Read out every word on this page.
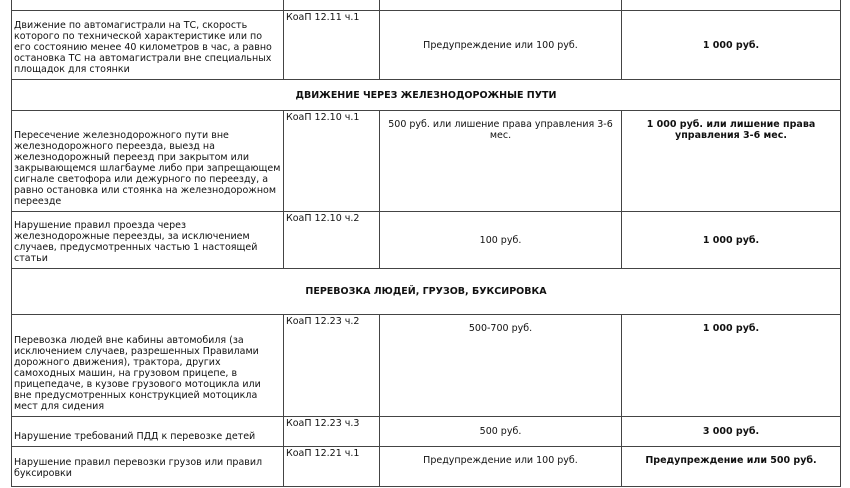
Движение по автомагистрали на ТС, скорость которого по технической характеристике или по его состоянию менее 40 километров в час, а равно остановка ТС на автомагистрали вне специальных площадок для стоянки	КоаП 12.11 ч.1	Предупреждение или 100 руб.	1 000 руб.
ДВИЖЕНИЕ ЧЕРЕЗ ЖЕЛЕЗНОДОРОЖНЫЕ ПУТИ			
Пересечение железнодорожного пути вне железнодорожного переезда, выезд на железнодорожный переезд при закрытом или закрывающемся шлагбауме либо при запрещающем сигнале светофора или дежурного по переезду, а равно остановка или стоянка на железнодорожном переезде	КоаП 12.10 ч.1	500 руб. или лишение права управления 3-6 мес.	1 000 руб. или лишение права управления 3-6 мес.
Нарушение правил проезда через железнодорожные переезды, за исключением случаев, предусмотренных частью 1 настоящей статьи	КоаП 12.10 ч.2	100 руб.	1 000 руб.
ПЕРЕВОЗКА ЛЮДЕЙ, ГРУЗОВ, БУКСИРОВКА			
Перевозка людей вне кабины автомобиля (за исключением случаев, разрешенных Правилами дорожного движения), трактора, других самоходных машин, на грузовом прицепе, в прицепедаче, в кузове грузового мотоцикла или вне предусмотренных конструкцией мотоцикла мест для сидения	КоаП 12.23 ч.2	500-700 руб.	1 000 руб.
Нарушение требований ПДД к перевозке детей	КоаП 12.23 ч.3	500 руб.	3 000 руб.
Нарушение правил перевозки грузов или правил буксировки	КоаП 12.21 ч.1	Предупреждение или 100 руб.	Предупреждение или 500 руб.
